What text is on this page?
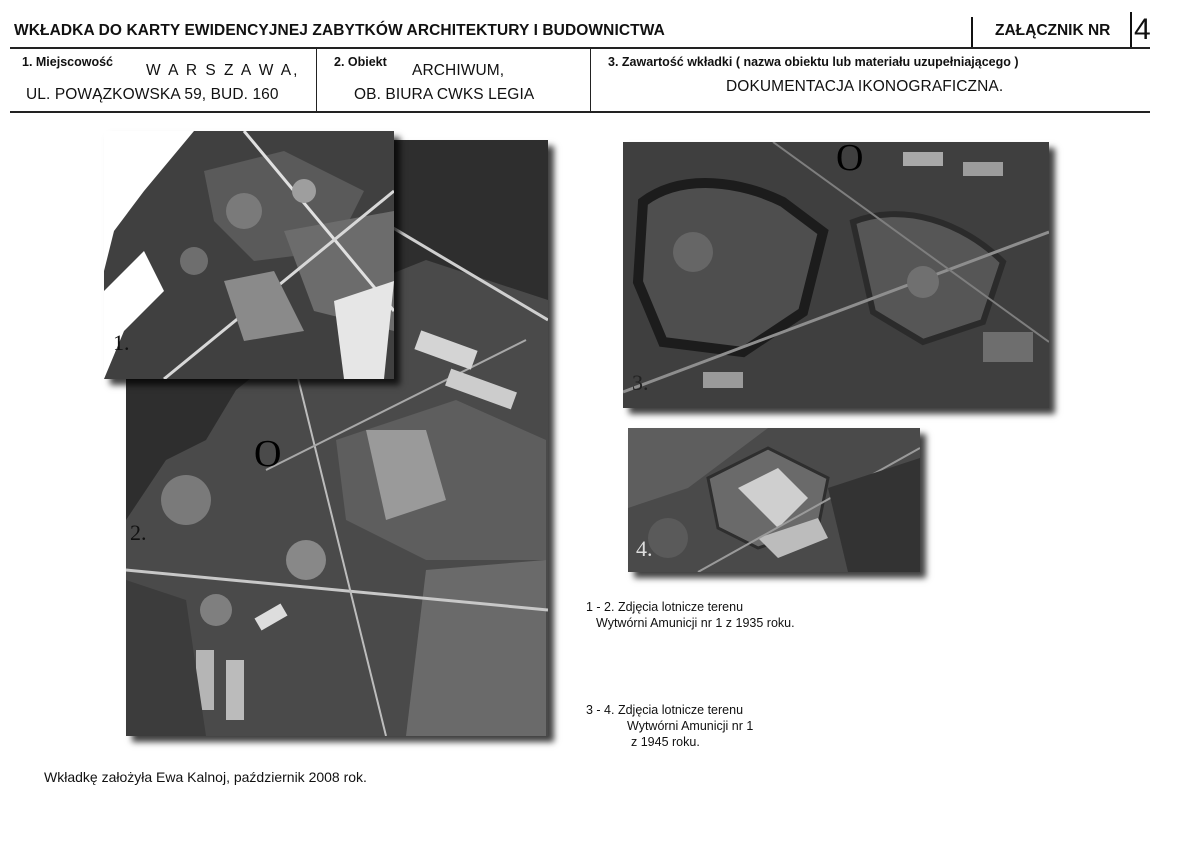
WKŁADKA DO KARTY EWIDENCYJNEJ ZABYTKÓW ARCHITEKTURY I BUDOWNICTWA	ZAŁĄCZNIK NR 4
1. Miejscowość W A R S Z A W A,
UL. POWĄZKOWSKA 59, BUD. 160
2. Obiekt ARCHIWUM,
OB. BIURA CWKS LEGIA
3. Zawartość wkładki ( nazwa obiektu lub materiału uzupełniającego )
DOKUMENTACJA IKONOGRAFICZNA.
1.
2.
O
3.
O
4.
1 - 2. Zdjęcia lotnicze terenu
Wytwórni Amunicji nr 1 z 1935 roku.
3 - 4. Zdjęcia lotnicze terenu
Wytwórni Amunicji nr 1
z 1945 roku.
Wkładkę założyła Ewa Kalnoj, październik 2008 rok.
